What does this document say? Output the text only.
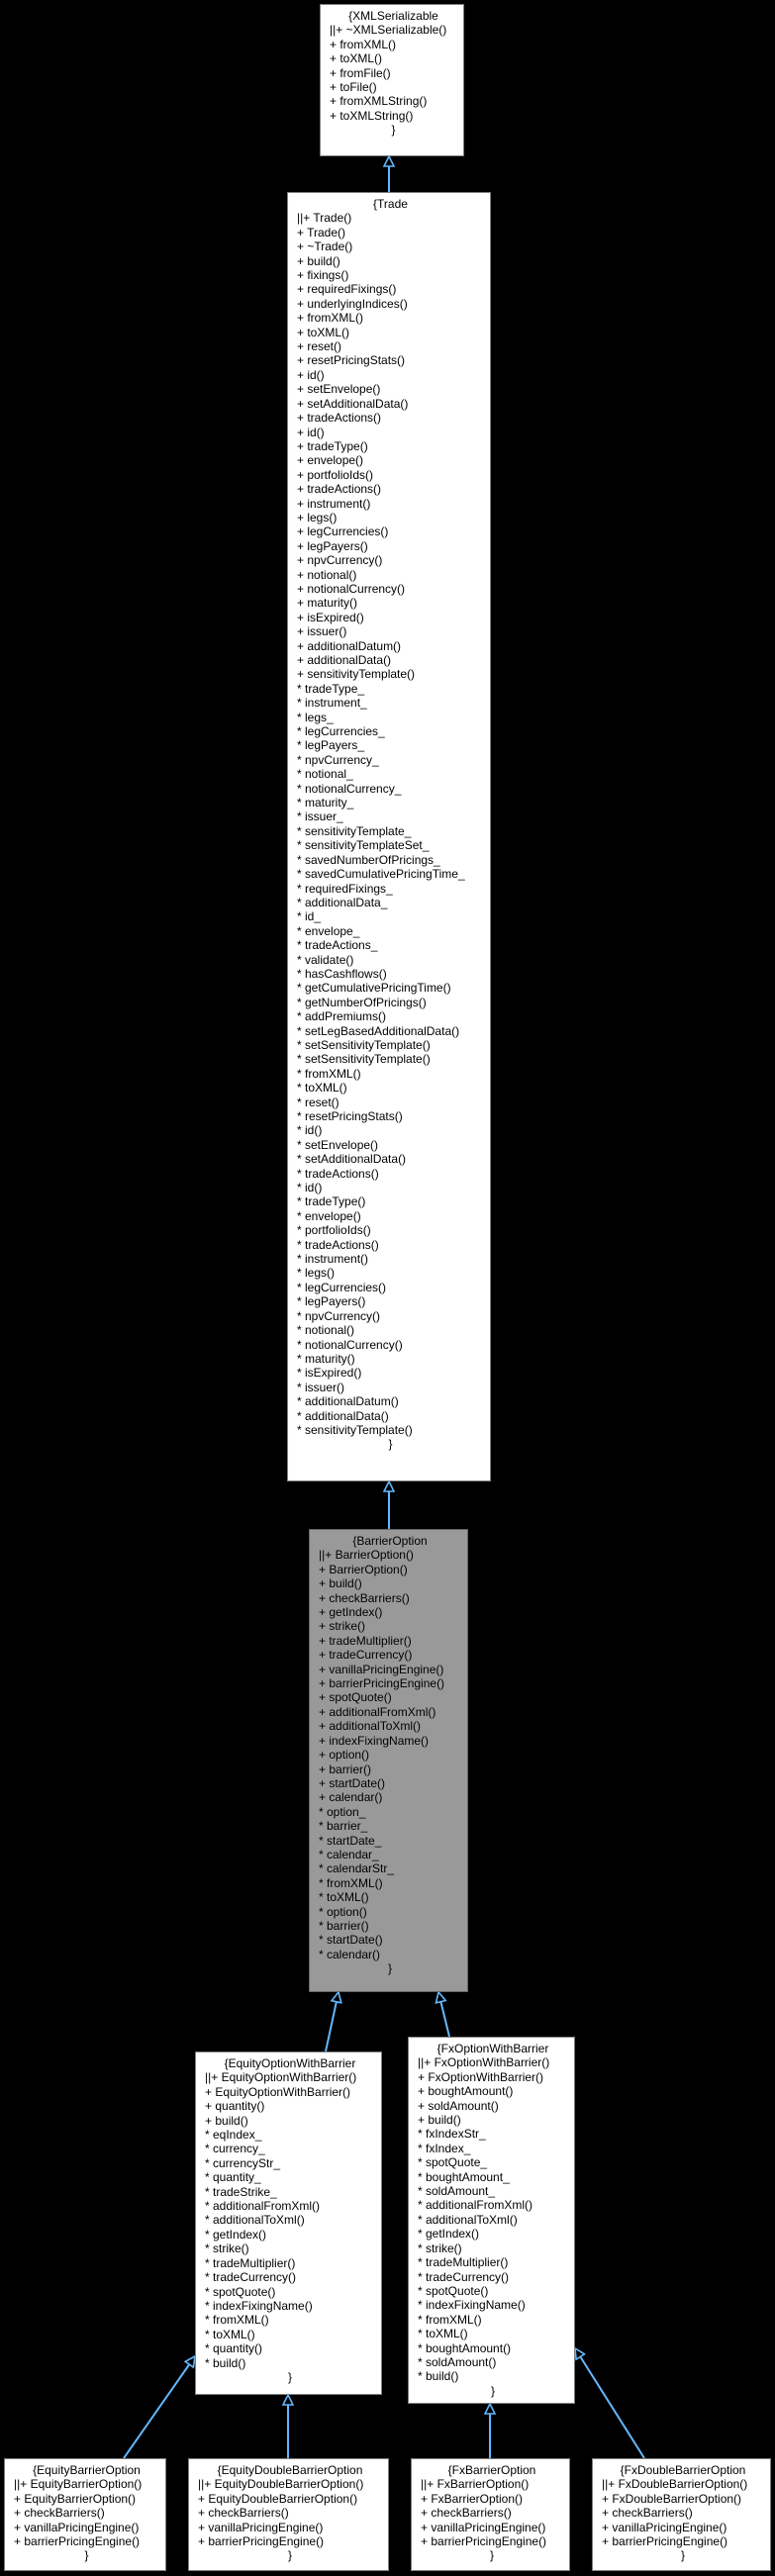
{XMLSerializable
||+ ~XMLSerializable()
+ fromXML()
+ toXML()
+ fromFile()
+ toFile()
+ fromXMLString()
+ toXMLString()
}
{Trade
||+ Trade()
+ Trade()
+ ~Trade()
+ build()
+ fixings()
+ requiredFixings()
+ underlyingIndices()
+ fromXML()
+ toXML()
+ reset()
+ resetPricingStats()
+ id()
+ setEnvelope()
+ setAdditionalData()
+ tradeActions()
+ id()
+ tradeType()
+ envelope()
+ portfolioIds()
+ tradeActions()
+ instrument()
+ legs()
+ legCurrencies()
+ legPayers()
+ npvCurrency()
+ notional()
+ notionalCurrency()
+ maturity()
+ isExpired()
+ issuer()
+ additionalDatum()
+ additionalData()
+ sensitivityTemplate()
* tradeType_
* instrument_
* legs_
* legCurrencies_
* legPayers_
* npvCurrency_
* notional_
* notionalCurrency_
* maturity_
* issuer_
* sensitivityTemplate_
* sensitivityTemplateSet_
* savedNumberOfPricings_
* savedCumulativePricingTime_
* requiredFixings_
* additionalData_
* id_
* envelope_
* tradeActions_
* validate()
* hasCashflows()
* getCumulativePricingTime()
* getNumberOfPricings()
* addPremiums()
* setLegBasedAdditionalData()
* setSensitivityTemplate()
* setSensitivityTemplate()
* fromXML()
* toXML()
* reset()
* resetPricingStats()
* id()
* setEnvelope()
* setAdditionalData()
* tradeActions()
* id()
* tradeType()
* envelope()
* portfolioIds()
* tradeActions()
* instrument()
* legs()
* legCurrencies()
* legPayers()
* npvCurrency()
* notional()
* notionalCurrency()
* maturity()
* isExpired()
* issuer()
* additionalDatum()
* additionalData()
* sensitivityTemplate()
}
{BarrierOption
||+ BarrierOption()
+ BarrierOption()
+ build()
+ checkBarriers()
+ getIndex()
+ strike()
+ tradeMultiplier()
+ tradeCurrency()
+ vanillaPricingEngine()
+ barrierPricingEngine()
+ spotQuote()
+ additionalFromXml()
+ additionalToXml()
+ indexFixingName()
+ option()
+ barrier()
+ startDate()
+ calendar()
* option_
* barrier_
* startDate_
* calendar_
* calendarStr_
* fromXML()
* toXML()
* option()
* barrier()
* startDate()
* calendar()
}
{EquityOptionWithBarrier
||+ EquityOptionWithBarrier()
+ EquityOptionWithBarrier()
+ quantity()
+ build()
* eqIndex_
* currency_
* currencyStr_
* quantity_
* tradeStrike_
* additionalFromXml()
* additionalToXml()
* getIndex()
* strike()
* tradeMultiplier()
* tradeCurrency()
* spotQuote()
* indexFixingName()
* fromXML()
* toXML()
* quantity()
* build()
}
{FxOptionWithBarrier
||+ FxOptionWithBarrier()
+ FxOptionWithBarrier()
+ boughtAmount()
+ soldAmount()
+ build()
* fxIndexStr_
* fxIndex_
* spotQuote_
* boughtAmount_
* soldAmount_
* additionalFromXml()
* additionalToXml()
* getIndex()
* strike()
* tradeMultiplier()
* tradeCurrency()
* spotQuote()
* indexFixingName()
* fromXML()
* toXML()
* boughtAmount()
* soldAmount()
* build()
}
{EquityBarrierOption
||+ EquityBarrierOption()
+ EquityBarrierOption()
+ checkBarriers()
+ vanillaPricingEngine()
+ barrierPricingEngine()
}
{EquityDoubleBarrierOption
||+ EquityDoubleBarrierOption()
+ EquityDoubleBarrierOption()
+ checkBarriers()
+ vanillaPricingEngine()
+ barrierPricingEngine()
}
{FxBarrierOption
||+ FxBarrierOption()
+ FxBarrierOption()
+ checkBarriers()
+ vanillaPricingEngine()
+ barrierPricingEngine()
}
{FxDoubleBarrierOption
||+ FxDoubleBarrierOption()
+ FxDoubleBarrierOption()
+ checkBarriers()
+ vanillaPricingEngine()
+ barrierPricingEngine()
}
